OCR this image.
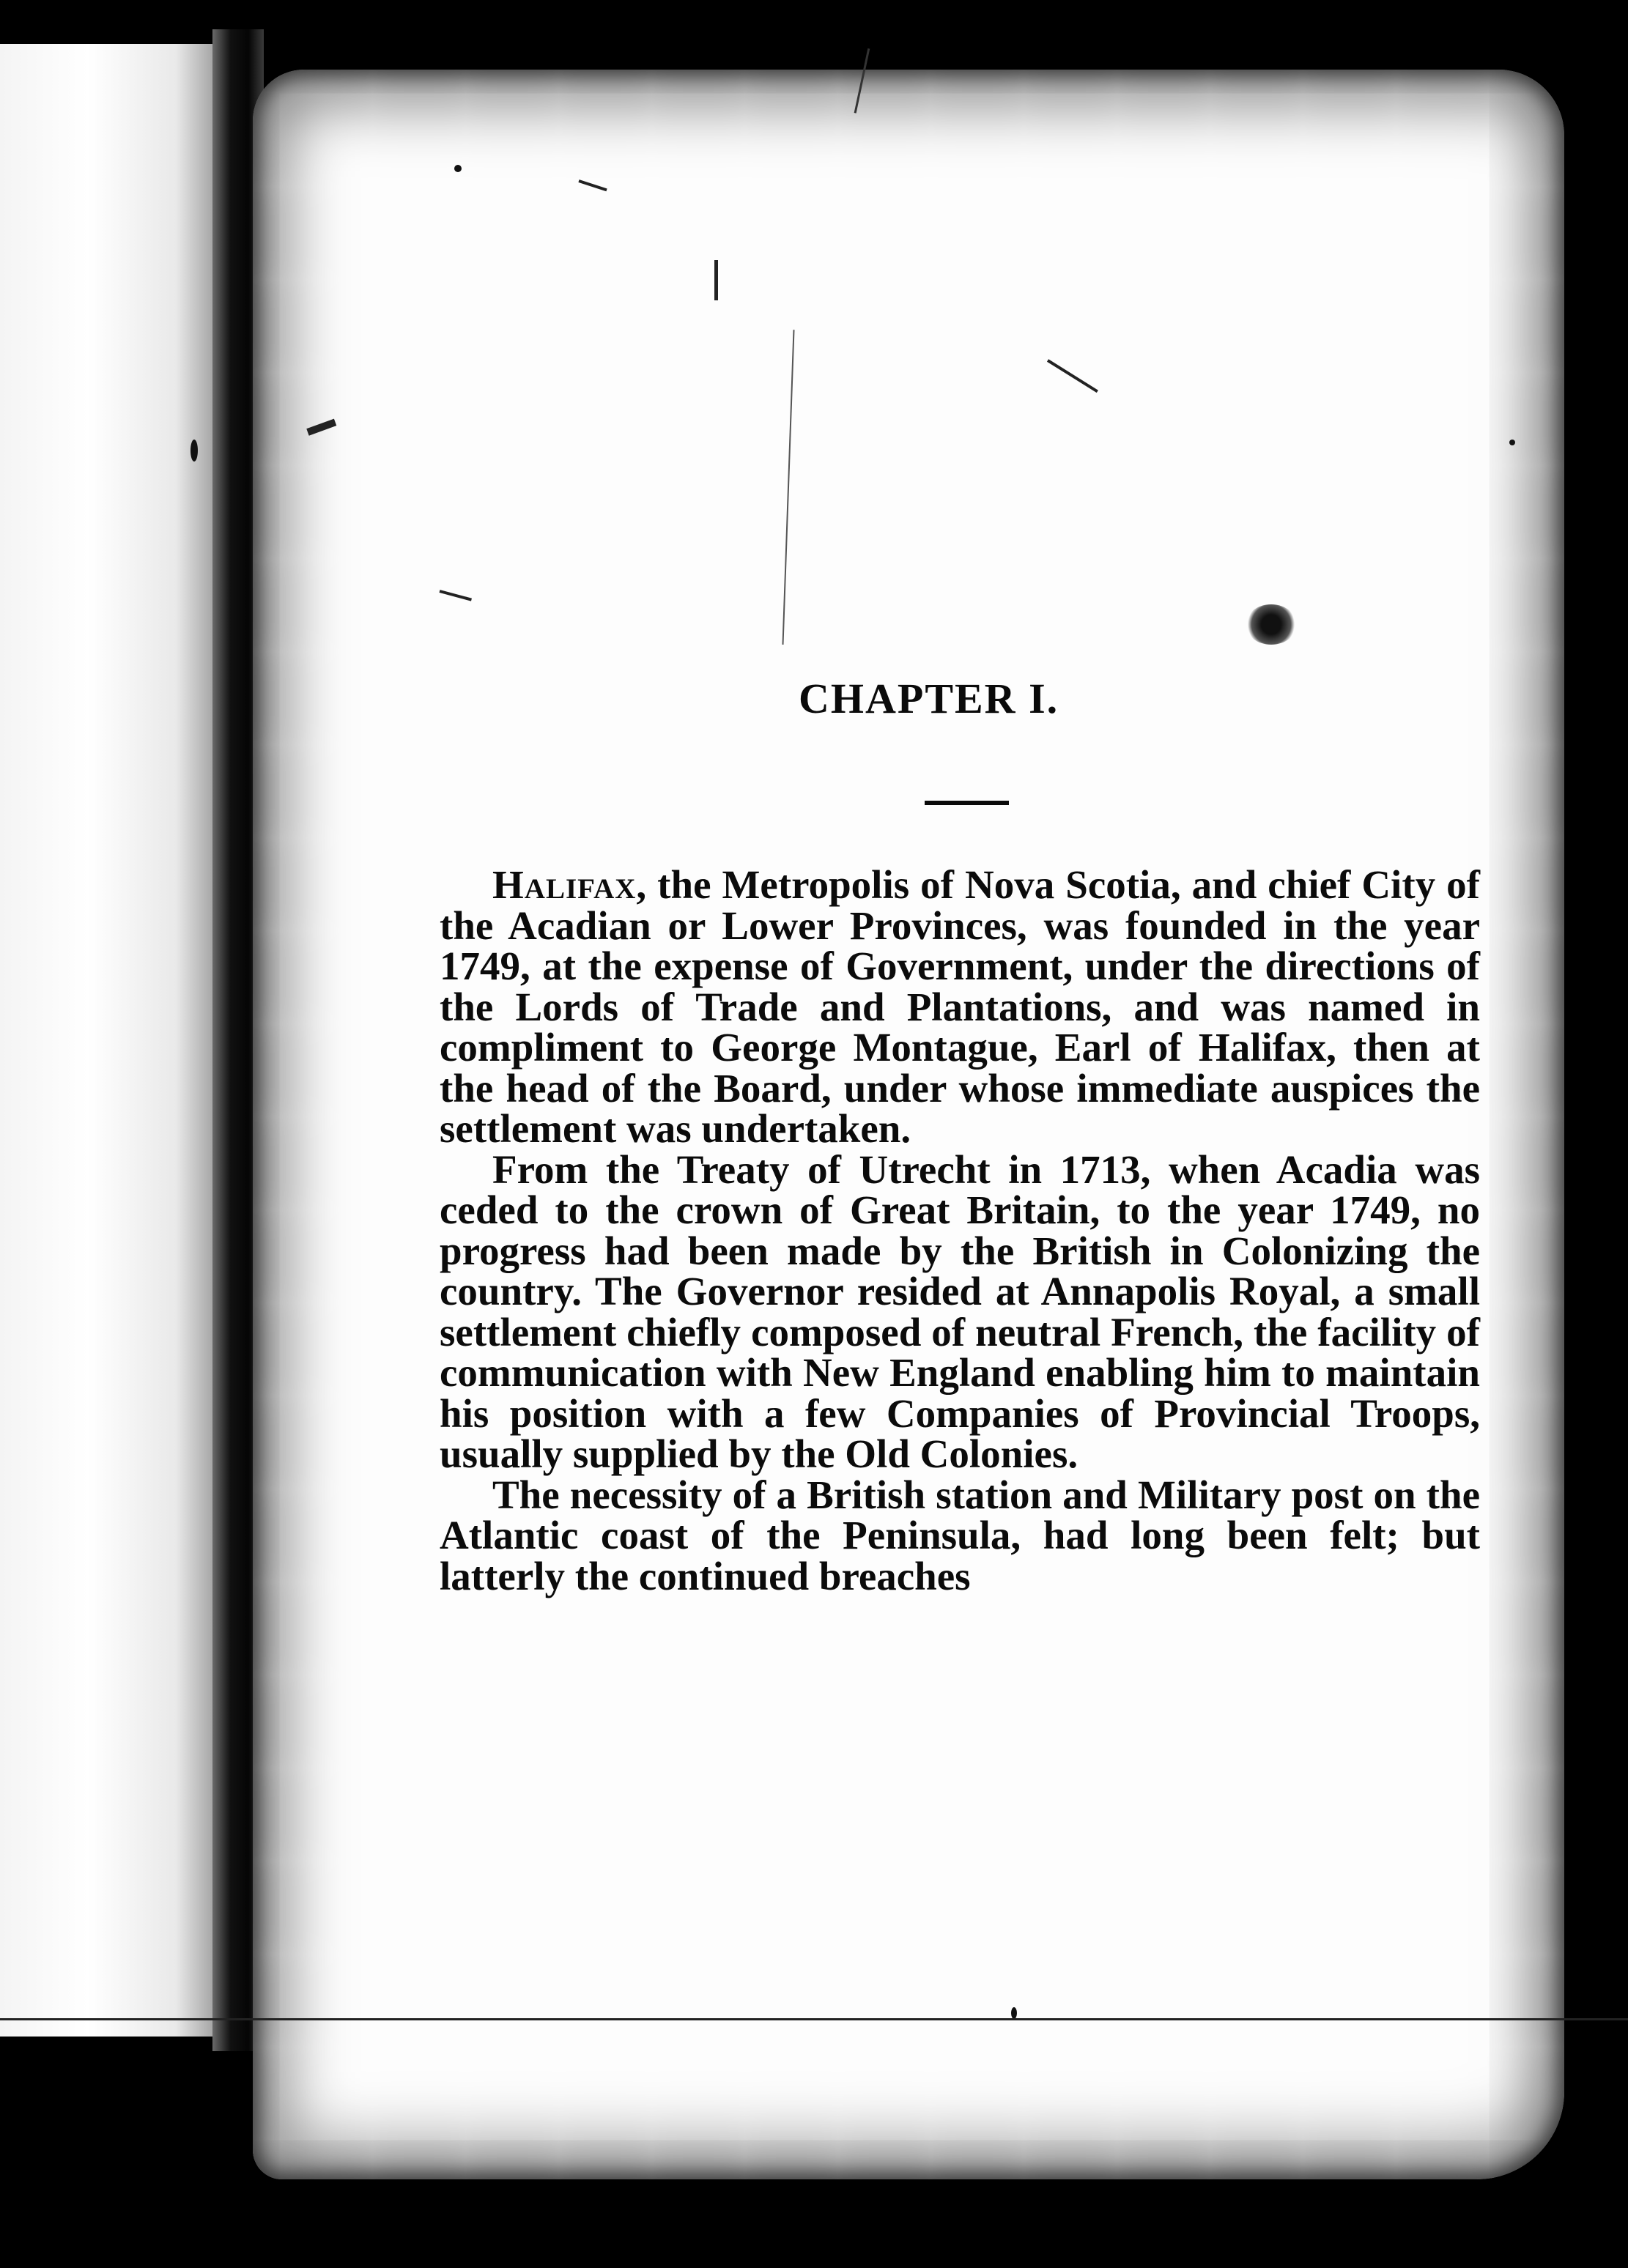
CHAPTER I.

Halifax, the Metropolis of Nova Scotia, and chief City of the Acadian or Lower Provinces, was founded in the year 1749, at the expense of Government, under the directions of the Lords of Trade and Plantations, and was named in compliment to George Montague, Earl of Halifax, then at the head of the Board, under whose immediate auspices the settlement was undertaken.

From the Treaty of Utrecht in 1713, when Acadia was ceded to the crown of Great Britain, to the year 1749, no progress had been made by the British in Colonizing the country. The Governor resided at Annapolis Royal, a small settlement chiefly composed of neutral French, the facility of communication with New England enabling him to maintain his position with a few Companies of Provincial Troops, usually supplied by the Old Colonies.

The necessity of a British station and Military post on the Atlantic coast of the Peninsula, had long been felt; but latterly the continued breaches
